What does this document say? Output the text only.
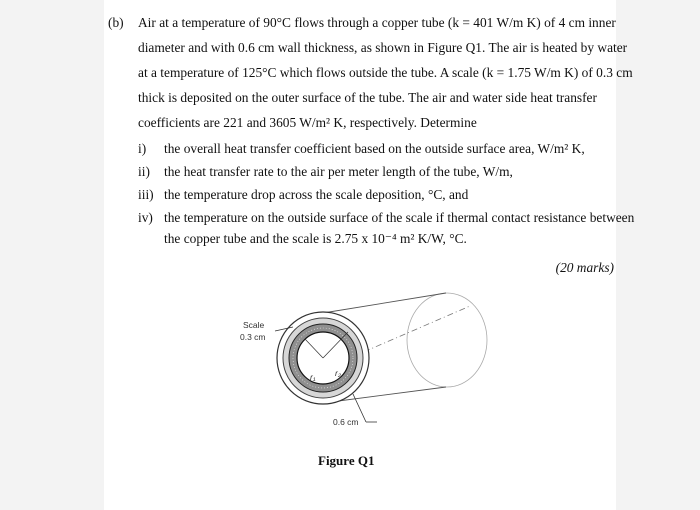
(b) Air at a temperature of 90°C flows through a copper tube (k = 401 W/m K) of 4 cm inner
diameter and with 0.6 cm wall thickness, as shown in Figure Q1. The air is heated by water
at a temperature of 125°C which flows outside the tube. A scale (k = 1.75 W/m K) of 0.3 cm
thick is deposited on the outer surface of the tube. The air and water side heat transfer
coefficients are 221 and 3605 W/m² K, respectively. Determine
i) the overall heat transfer coefficient based on the outside surface area, W/m² K,
ii) the heat transfer rate to the air per meter length of the tube, W/m,
iii) the temperature drop across the scale deposition, °C, and
iv) the temperature on the outside surface of the scale if thermal contact resistance between
the copper tube and the scale is 2.75 x 10⁻⁴ m² K/W, °C.
(20 marks)
Scale
0.3 cm
r₁ r₂
0.6 cm
Figure Q1
